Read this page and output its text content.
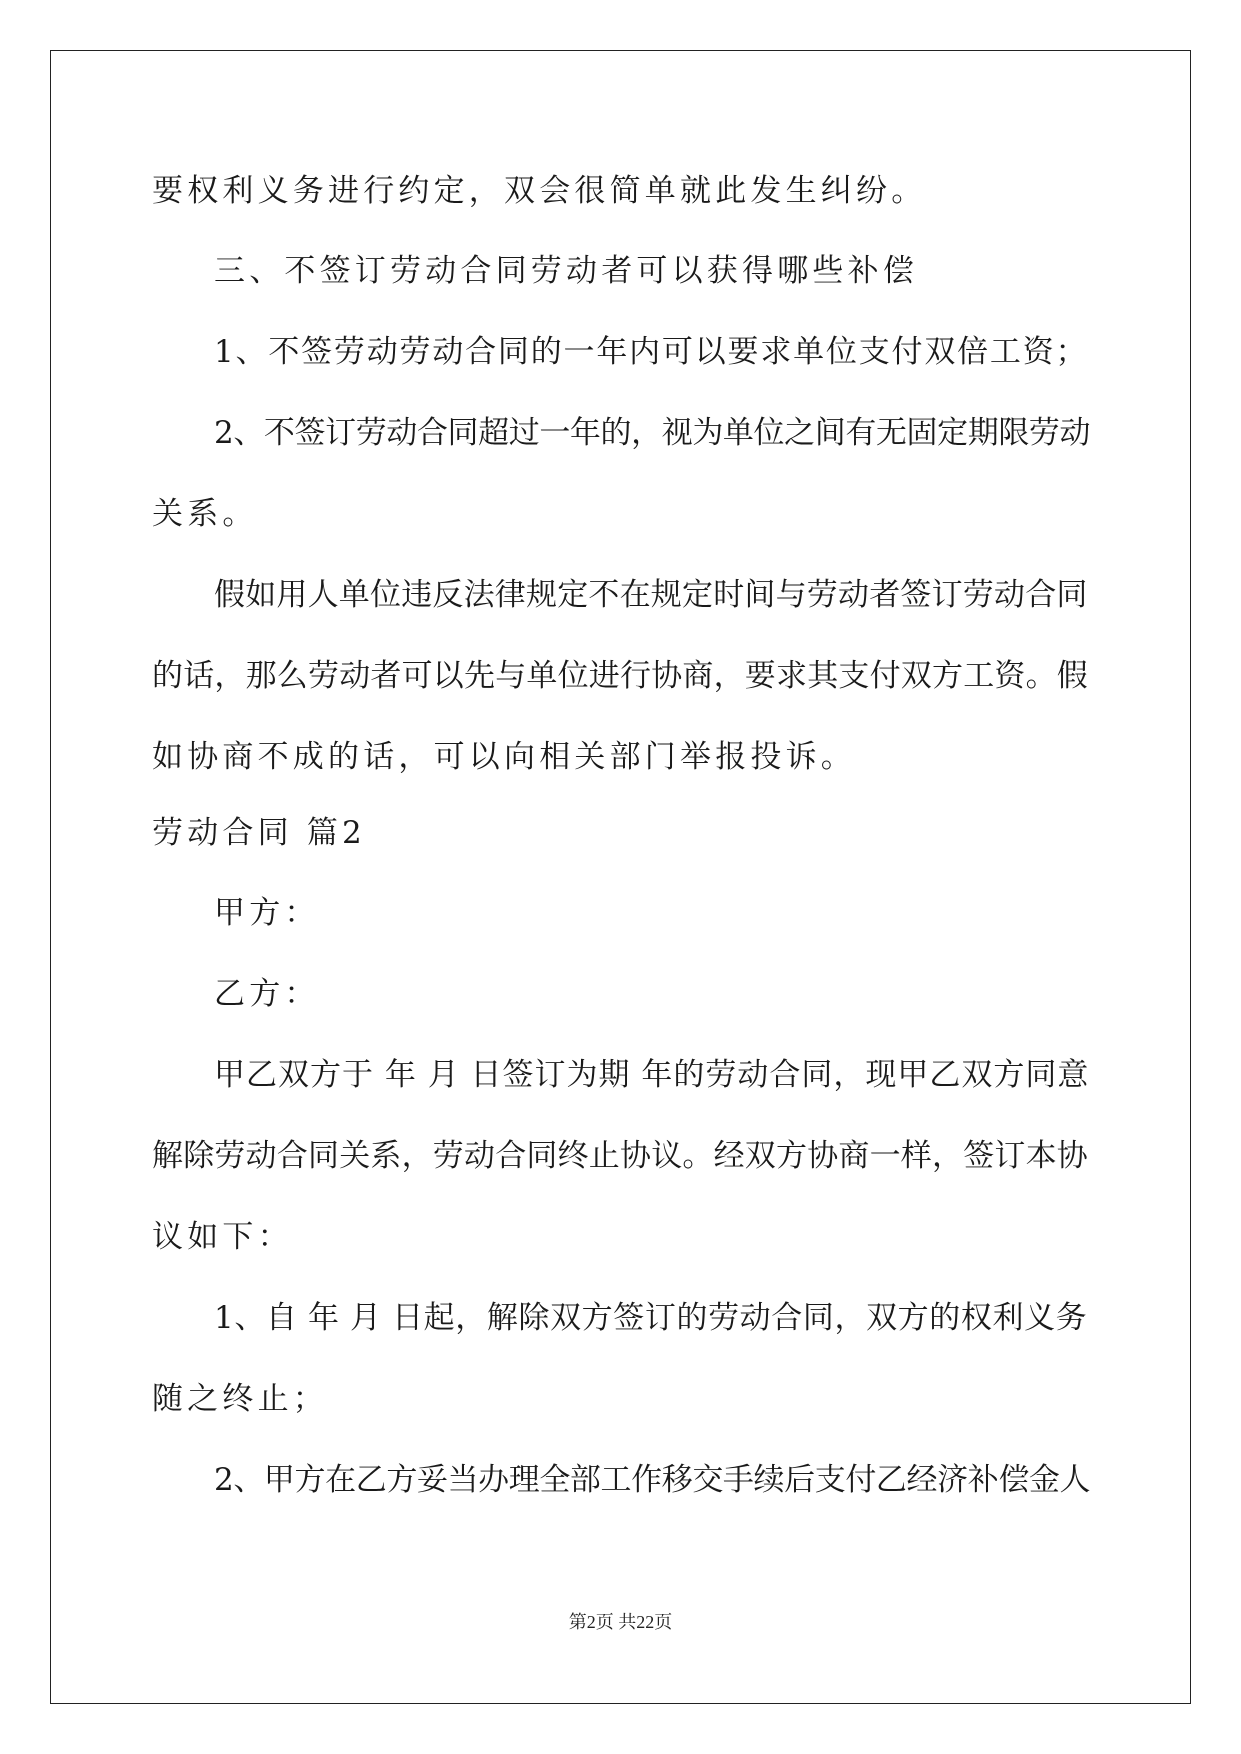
要权利义务进行约定，双会很简单就此发生纠纷。
三、不签订劳动合同劳动者可以获得哪些补偿
1、不签劳动劳动合同的一年内可以要求单位支付双倍工资；
2、不签订劳动合同超过一年的，视为单位之间有无固定期限劳动
关系。
假如用人单位违反法律规定不在规定时间与劳动者签订劳动合同
的话，那么劳动者可以先与单位进行协商，要求其支付双方工资。假
如协商不成的话，可以向相关部门举报投诉。
劳动合同 篇2
甲方：
乙方：
甲乙双方于 年 月 日签订为期 年的劳动合同，现甲乙双方同意
解除劳动合同关系，劳动合同终止协议。经双方协商一样，签订本协
议如下：
1、自 年 月 日起，解除双方签订的劳动合同，双方的权利义务
随之终止；
2、甲方在乙方妥当办理全部工作移交手续后支付乙经济补偿金人
第2页 共22页
